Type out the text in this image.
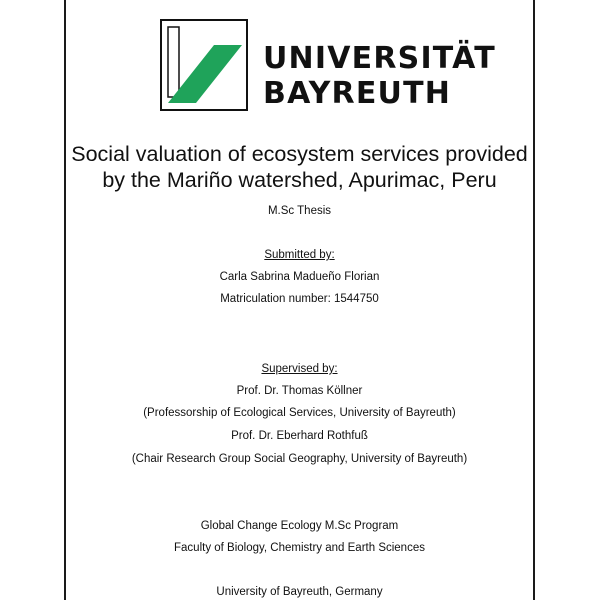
UNIVERSITÄT
BAYREUTH
Social valuation of ecosystem services provided
by the Mariño watershed, Apurimac, Peru
M.Sc Thesis
Submitted by:
Carla Sabrina Madueño Florian
Matriculation number: 1544750
Supervised by:
Prof. Dr. Thomas Köllner
(Professorship of Ecological Services, University of Bayreuth)
Prof. Dr. Eberhard Rothfuß
(Chair Research Group Social Geography, University of Bayreuth)
Global Change Ecology M.Sc Program
Faculty of Biology, Chemistry and Earth Sciences
University of Bayreuth, Germany
